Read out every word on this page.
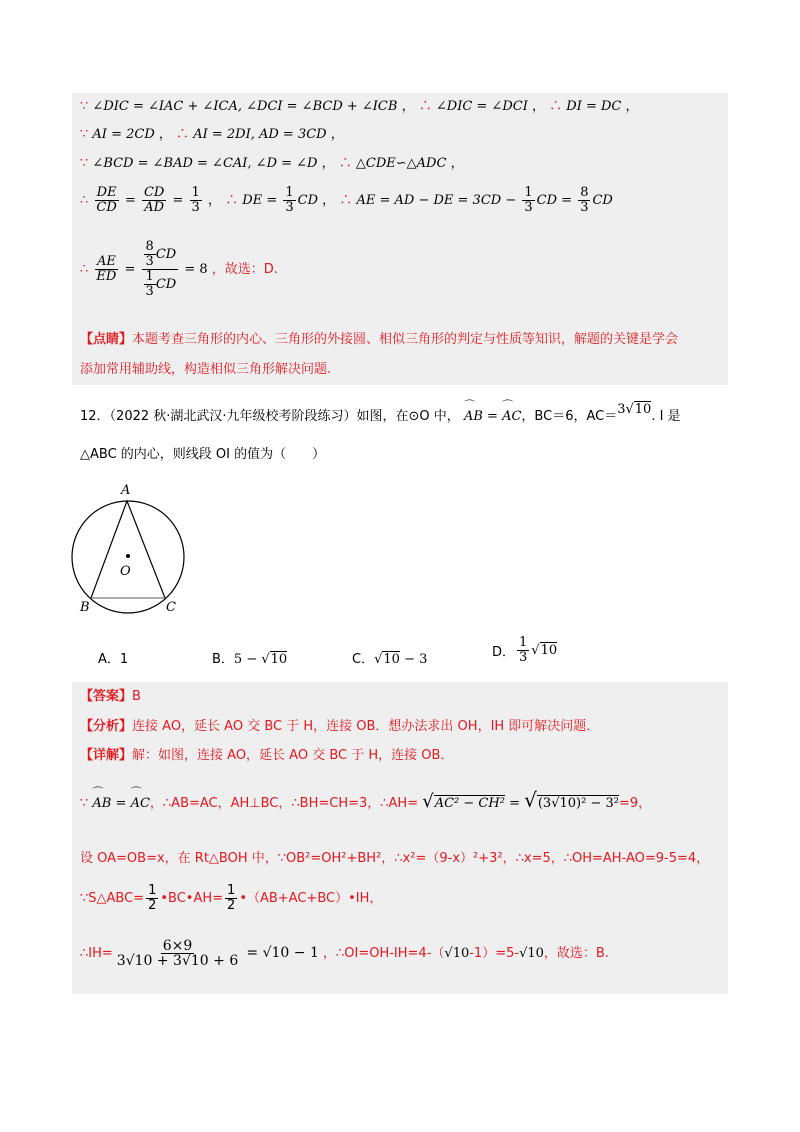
∵ ∠DIC = ∠IAC + ∠ICA, ∠DCI = ∠BCD + ∠ICB ， ∴ ∠DIC = ∠DCI ， ∴ DI = DC ，
∵ AI = 2CD ， ∴ AI = 2DI, AD = 3CD ，
∵ ∠BCD = ∠BAD = ∠CAI, ∠D = ∠D ， ∴ △CDE∽△ADC ，
∴ $\frac{DE}{CD} = \frac{CD}{AD} = \frac{1}{3}$ ， ∴ DE = $\frac{1}{3}$ CD ， ∴ AE = AD − DE = $3CD - \frac{1}{3}$ CD = $\frac{8}{3}$ CD
∴ $\frac{AE}{ED} = \frac{\frac{8}{3} CD}{\frac{1}{3} CD} = 8$ ，故选：D.
【点睛】本题考查三角形的内心、三角形的外接圆、相似三角形的判定与性质等知识，解题的关键是学会
添加常用辅助线，构造相似三角形解决问题.
12．（2022 秋·湖北武汉·九年级校考阶段练习）如图，在⊙O 中， ⌒ AB = ⌒ AC，BC＝6，AC＝3 √ 10. I 是
△ABC 的内心，则线段 OI 的值为（　　）
A
O
B	C
A．1	B．5 − √ 10	C． √ 10 − 3	D． $\frac{1}{3}$ √ 10
【答案】B
【分析】连接 AO，延长 AO 交 BC 于 H，连接 OB．想办法求出 OH，IH 即可解决问题．
【详解】解：如图，连接 AO，延长 AO 交 BC 于 H，连接 OB．
∵ ⌒ AB = ⌒ AC，∴AB=AC，AH⊥BC，∴BH=CH=3，∴AH= √ AC² − CH² = √ (3√10)² − 3²=9，
设 OA=OB=x，在 Rt△BOH 中，∵OB²=OH²+BH²，∴x²=（9-x）²+3²，∴x=5，∴OH=AH-AO=9-5=4，
∵S△ABC= $\frac{1}{2}$ •BC•AH= $\frac{1}{2}$ •（AB+AC+BC）•IH，
∴IH= $\frac{6\times 9}{3√10 + 3√10 + 6} = √10 - 1$ ，∴OI=OH-IH=4-（√10-1）=5-√10，故选：B.
